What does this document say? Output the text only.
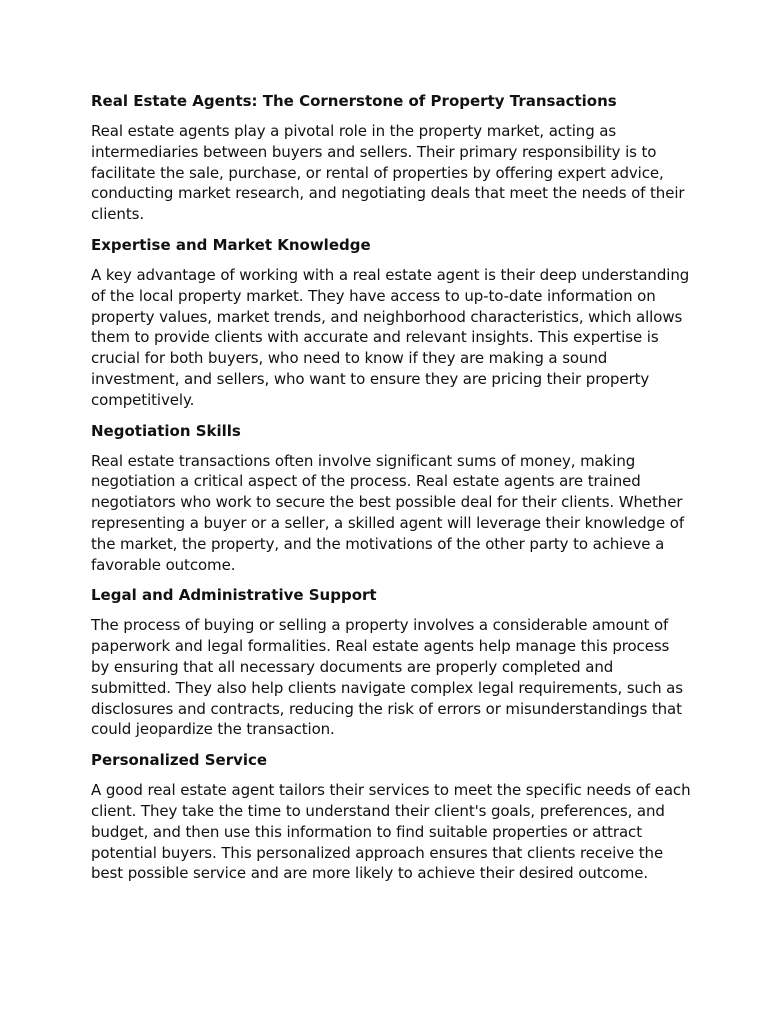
Real Estate Agents: The Cornerstone of Property Transactions

Real estate agents play a pivotal role in the property market, acting as intermediaries between buyers and sellers. Their primary responsibility is to facilitate the sale, purchase, or rental of properties by offering expert advice, conducting market research, and negotiating deals that meet the needs of their clients.

Expertise and Market Knowledge

A key advantage of working with a real estate agent is their deep understanding of the local property market. They have access to up-to-date information on property values, market trends, and neighborhood characteristics, which allows them to provide clients with accurate and relevant insights. This expertise is crucial for both buyers, who need to know if they are making a sound investment, and sellers, who want to ensure they are pricing their property competitively.

Negotiation Skills

Real estate transactions often involve significant sums of money, making negotiation a critical aspect of the process. Real estate agents are trained negotiators who work to secure the best possible deal for their clients. Whether representing a buyer or a seller, a skilled agent will leverage their knowledge of the market, the property, and the motivations of the other party to achieve a favorable outcome.

Legal and Administrative Support

The process of buying or selling a property involves a considerable amount of paperwork and legal formalities. Real estate agents help manage this process by ensuring that all necessary documents are properly completed and submitted. They also help clients navigate complex legal requirements, such as disclosures and contracts, reducing the risk of errors or misunderstandings that could jeopardize the transaction.

Personalized Service

A good real estate agent tailors their services to meet the specific needs of each client. They take the time to understand their client's goals, preferences, and budget, and then use this information to find suitable properties or attract potential buyers. This personalized approach ensures that clients receive the best possible service and are more likely to achieve their desired outcome.
